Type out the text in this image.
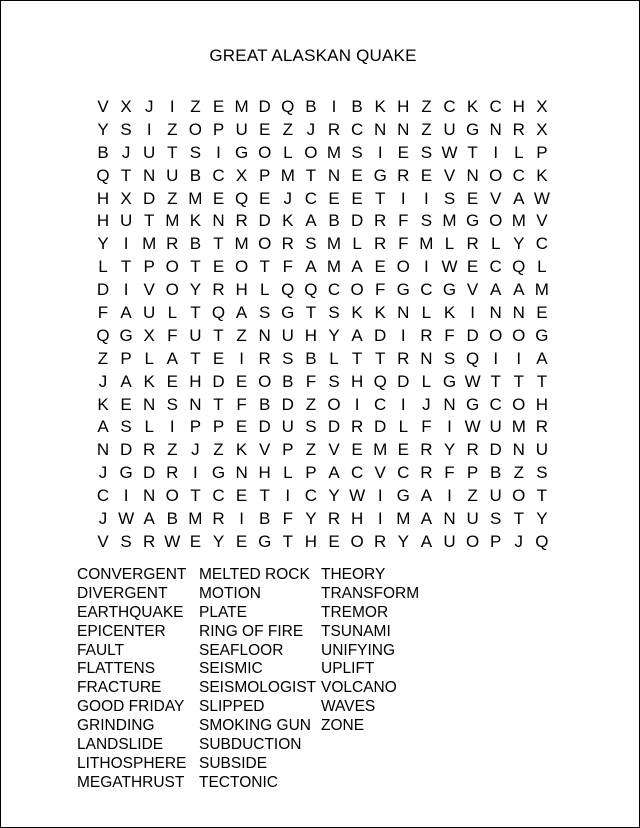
GREAT ALASKAN QUAKE
V X J I Z E M D Q B I B K H Z C K C H X
Y S I Z O P U E Z J R C N N Z U G N R X
B J U T S I G O L O M S I E S W T I L P
Q T N U B C X P M T N E G R E V N O C K
H X D Z M E Q E J C E E T I	I S E V A W
H U T M K N R D K A B D R F S M G O M V
Y I M R B T M O R S M L R F M L R L Y C
L T P O T E O T F A M A E O I W E C Q L
D I V O Y R H L Q Q C O F G C G V A A M
F A U L T Q A S G T S K K N L K I N N E
Q G X F U T Z N U H Y A D I R F D O O G
Z P L A T E I R S B L T T R N S Q I	I A
J A K E H D E O B F S H Q D L G W T T T
K E N S N T F B D Z O I C I J N G C O H
A S L I P P E D U S D R D L F I W U M R
N D R Z J Z K V P Z V E M E R Y R D N U
J G D R I G N H L P A C V C R F P B Z S
C I N O T C E T I C Y W I G A I Z U O T
J W A B M R I B F Y R H I M A N U S T Y
V S R W E Y E G T H E O R Y A U O P J Q
CONVERGENT
DIVERGENT
EARTHQUAKE
EPICENTER
FAULT
FLATTENS
FRACTURE
GOOD FRIDAY
GRINDING
LANDSLIDE
LITHOSPHERE
MEGATHRUST
MELTED ROCK
MOTION
PLATE
RING OF FIRE
SEAFLOOR
SEISMIC
SEISMOLOGIST
SLIPPED
SMOKING GUN
SUBDUCTION
SUBSIDE
TECTONIC
THEORY
TRANSFORM
TREMOR
TSUNAMI
UNIFYING
UPLIFT
VOLCANO
WAVES
ZONE
